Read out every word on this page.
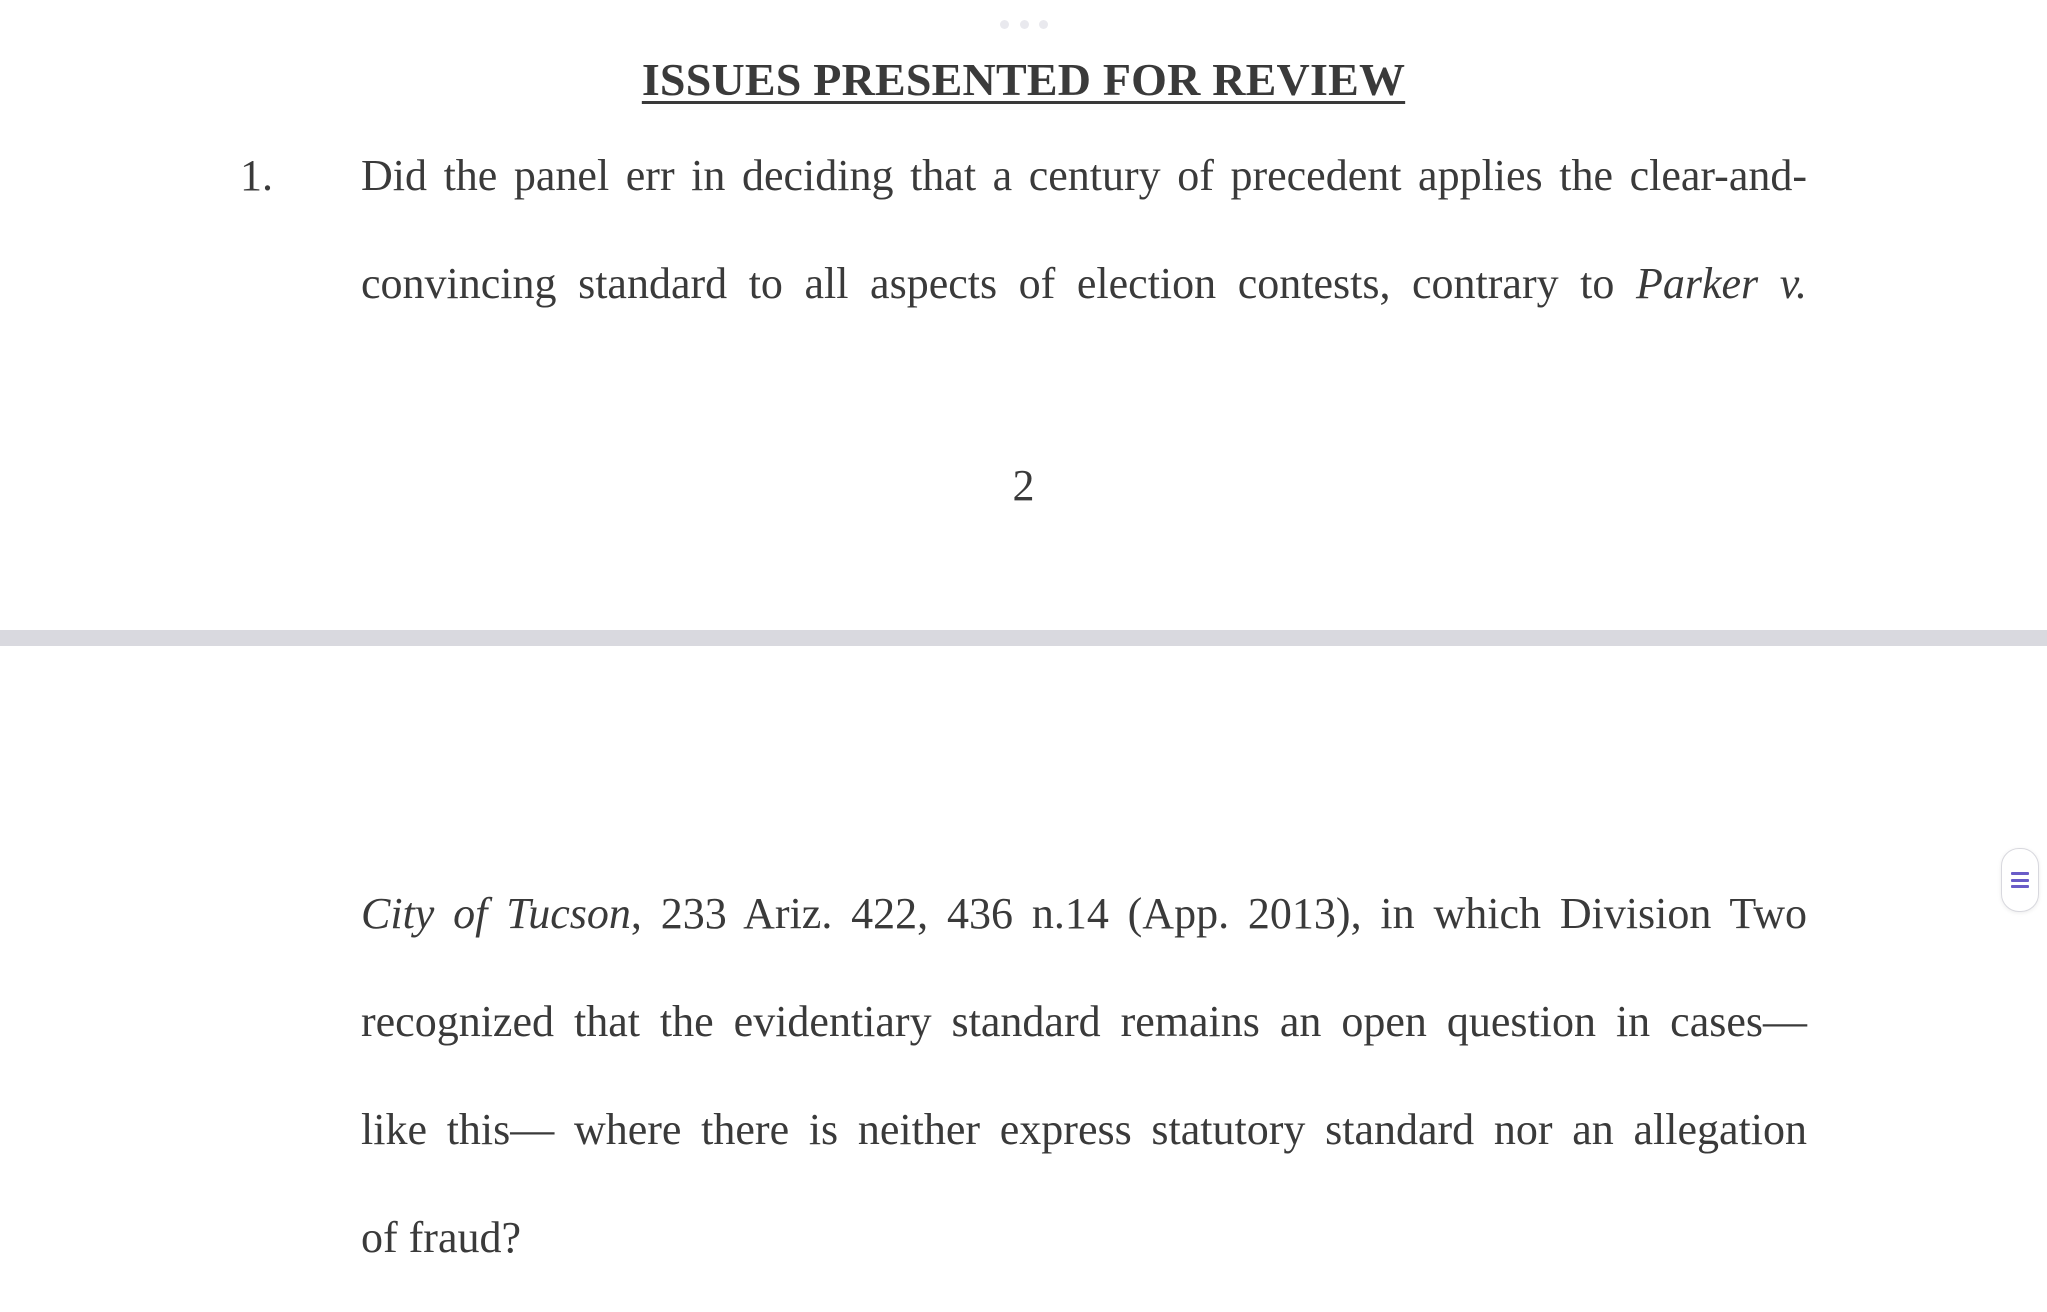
ISSUES PRESENTED FOR REVIEW
1. Did the panel err in deciding that a century of precedent applies the clear-and-
convincing standard to all aspects of election contests, contrary to Parker v.
2
City of Tucson, 233 Ariz. 422, 436 n.14 (App. 2013), in which Division Two
recognized that the evidentiary standard remains an open question in cases—
like this— where there is neither express statutory standard nor an allegation
of fraud?
